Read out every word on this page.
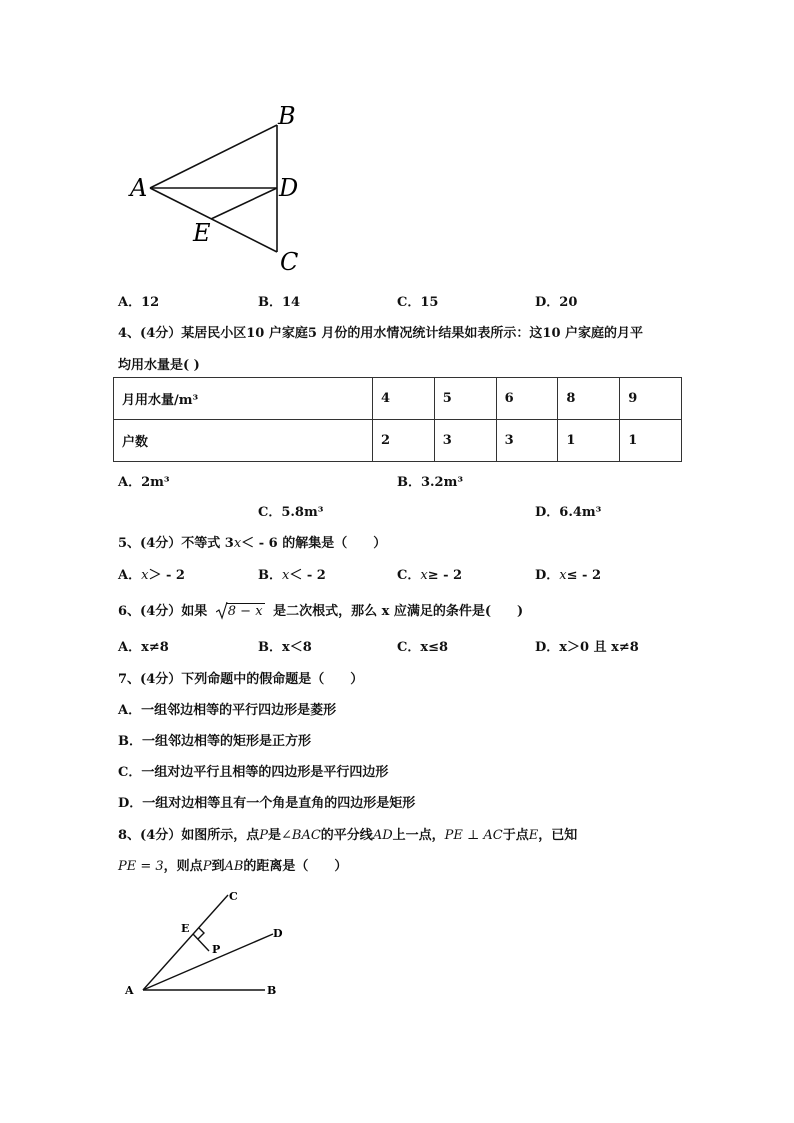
B
A	D
E
C
A．12	B．14	C．15	D．20
4、(4分）某居民小区10 户家庭5 月份的用水情况统计结果如表所示：这10 户家庭的月平
均用水量是( )
月用水量/m³	4	5	6	8	9
户数	2	3	3	1	1
A．2m³	B．3.2m³
C．5.8m³	D．6.4m³
5、(4分）不等式 3x＜ - 6 的解集是（　　）
A．x＞ - 2	B．x＜ - 2	C．x≥ - 2	D．x≤ - 2
6、(4分）如果 8 − x 是二次根式，那么 x 应满足的条件是(　　)
A．x≠8	B．x＜8	C．x≤8	D．x＞0 且 x≠8
7、(4分）下列命题中的假命题是（　　）
A．一组邻边相等的平行四边形是菱形
B．一组邻边相等的矩形是正方形
C．一组对边平行且相等的四边形是平行四边形
D．一组对边相等且有一个角是直角的四边形是矩形
8、(4分）如图所示，点P是∠BAC的平分线AD上一点，PE ⊥ AC于点E，已知
PE = 3，则点P到AB的距离是（　　）
C
E
P
D
A	B
